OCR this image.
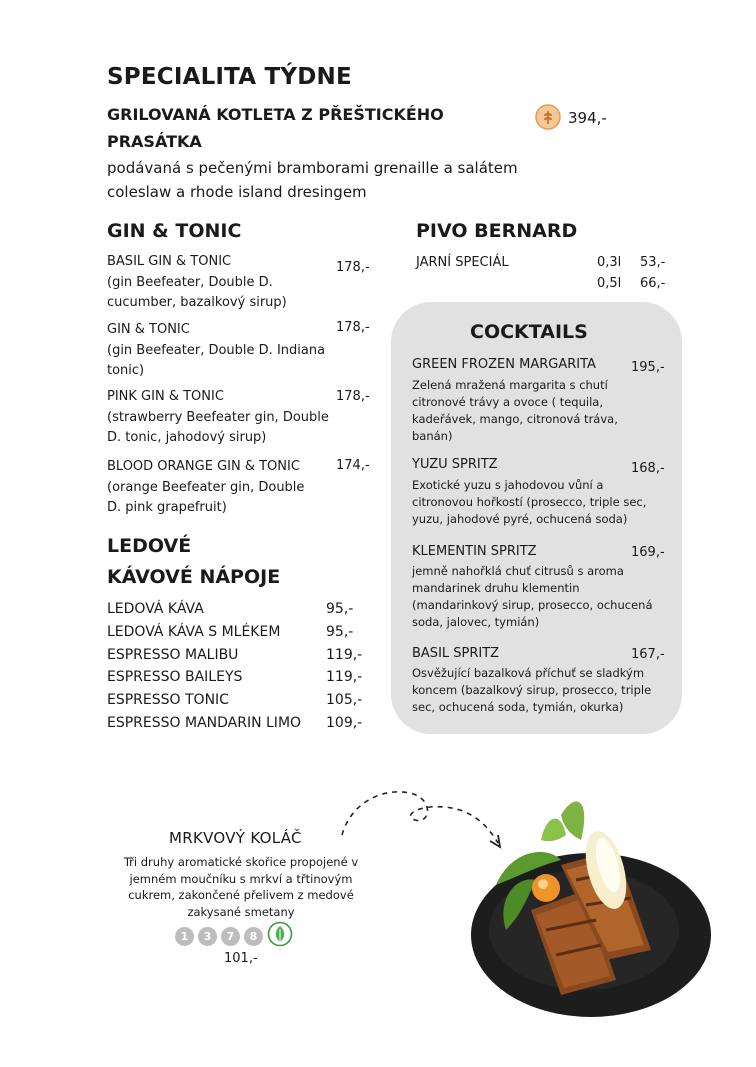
SPECIALITA TÝDNE
GRILOVANÁ KOTLETA Z PŘEŠTICKÉHO
PRASÁTKA
podávaná s pečenými bramborami grenaille a salátem
coleslaw a rhode island dresingem
394,-
GIN & TONIC
BASIL GIN & TONIC
(gin Beefeater, Double D.
cucumber, bazalkový sirup)
178,-
GIN & TONIC
(gin Beefeater, Double D. Indiana
tonic)
178,-
PINK GIN & TONIC
(strawberry Beefeater gin, Double
D. tonic, jahodový sirup)
178,-
BLOOD ORANGE GIN & TONIC
(orange Beefeater gin, Double
D. pink grapefruit)
174,-
LEDOVÉ
KÁVOVÉ NÁPOJE
LEDOVÁ KÁVA	95,-
LEDOVÁ KÁVA S MLÉKEM	95,-
ESPRESSO MALIBU	119,-
ESPRESSO BAILEYS	119,-
ESPRESSO TONIC	105,-
ESPRESSO MANDARIN LIMO 109,-
PIVO BERNARD
JARNÍ SPECIÁL	0,3l 53,-
0,5l 66,-
COCKTAILS
GREEN FROZEN MARGARITA	195,-
Zelená mražená margarita s chutí
citronové trávy a ovoce ( tequila,
kadeřávek, mango, citronová tráva,
banán)
YUZU SPRITZ	168,-
Exotické yuzu s jahodovou vůní a
citronovou hořkostí (prosecco, triple sec,
yuzu, jahodové pyré, ochucená soda)
KLEMENTIN SPRITZ	169,-
jemně nahořklá chuť citrusů s aroma
mandarinek druhu klementin
(mandarinkový sirup, prosecco, ochucená
soda, jalovec, tymián)
BASIL SPRITZ	167,-
Osvěžující bazalková příchuť se sladkým
koncem (bazalkový sirup, prosecco, triple
sec, ochucená soda, tymián, okurka)
MRKVOVÝ KOLÁČ
Tři druhy aromatické skořice propojené v
jemném moučníku s mrkví a třtinovým
cukrem, zakončené přelivem z medové
zakysané smetany
1	3	7	8
101,-
